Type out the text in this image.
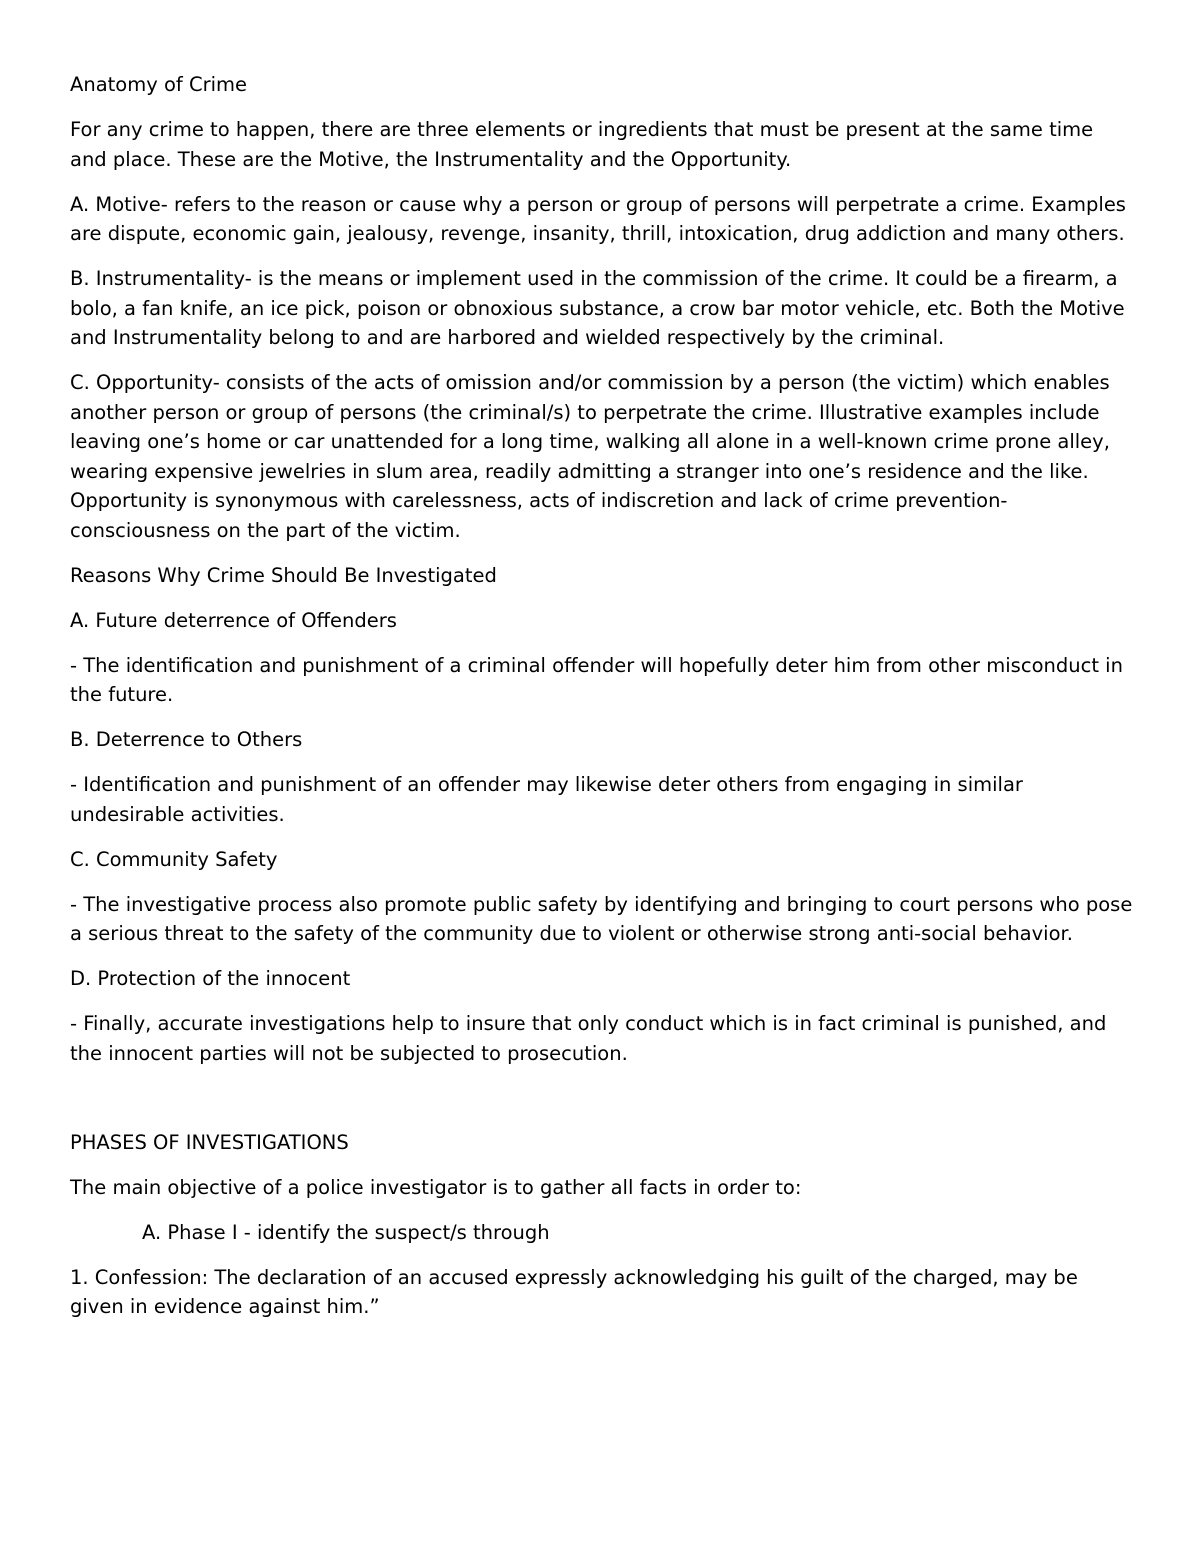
Anatomy of Crime

For any crime to happen, there are three elements or ingredients that must be present at the same time and place. These are the Motive, the Instrumentality and the Opportunity.

A. Motive- refers to the reason or cause why a person or group of persons will perpetrate a crime. Examples are dispute, economic gain, jealousy, revenge, insanity, thrill, intoxication, drug addiction and many others.

B. Instrumentality- is the means or implement used in the commission of the crime. It could be a firearm, a bolo, a fan knife, an ice pick, poison or obnoxious substance, a crow bar motor vehicle, etc. Both the Motive and Instrumentality belong to and are harbored and wielded respectively by the criminal.

C. Opportunity- consists of the acts of omission and/or commission by a person (the victim) which enables another person or group of persons (the criminal/s) to perpetrate the crime. Illustrative examples include leaving one’s home or car unattended for a long time, walking all alone in a well-known crime prone alley, wearing expensive jewelries in slum area, readily admitting a stranger into one’s residence and the like. Opportunity is synonymous with carelessness, acts of indiscretion and lack of crime prevention-consciousness on the part of the victim.

Reasons Why Crime Should Be Investigated

A. Future deterrence of Offenders

- The identification and punishment of a criminal offender will hopefully deter him from other misconduct in the future.

B. Deterrence to Others

- Identification and punishment of an offender may likewise deter others from engaging in similar undesirable activities.

C. Community Safety

- The investigative process also promote public safety by identifying and bringing to court persons who pose a serious threat to the safety of the community due to violent or otherwise strong anti-social behavior.

D. Protection of the innocent

- Finally, accurate investigations help to insure that only conduct which is in fact criminal is punished, and the innocent parties will not be subjected to prosecution.

PHASES OF INVESTIGATIONS

The main objective of a police investigator is to gather all facts in order to:

A. Phase I - identify the suspect/s through

1. Confession: The declaration of an accused expressly acknowledging his guilt of the charged, may be given in evidence against him.”
